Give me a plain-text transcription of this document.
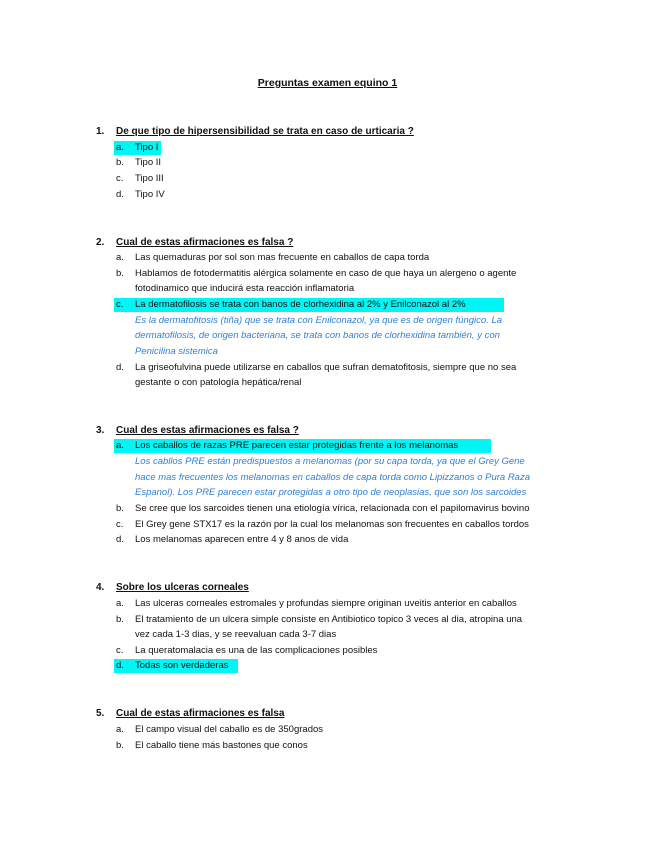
Preguntas examen equino 1
1. De que tipo de hipersensibilidad se trata en caso de urticaria ?
a. Tipo I
b. Tipo II
c. Tipo III
d. Tipo IV
2. Cual de estas afirmaciones es falsa ?
a. Las quemaduras por sol son mas frecuente en caballos de capa torda
b. Hablamos de fotodermatitis alérgica solamente en caso de que haya un alergeno o agente
fotodinamico que inducirá esta reacción inflamatoria
c. La dermatofilosis se trata con banos de clorhexidina al 2% y Enilconazol al 2%
Es la dermatofitosis (tiña) que se trata con Enilconazol, ya que es de origen fúngico. La
dermatofilosis, de origen bacteriana, se trata con banos de clorhexidina también, y con
Penicilina sistemica
d. La griseofulvina puede utilizarse en caballos que sufran dematofitosis, siempre que no sea
gestante o con patología hepática/renal
3. Cual des estas afirmaciones es falsa ?
a. Los caballos de razas PRE parecen estar protegidas frente a los melanomas
Los cabllos PRE están predispuestos a melanomas (por su capa torda, ya que el Grey Gene
hace mas frecuentes los melanomas en caballos de capa torda como Lipizzanos o Pura Raza
Espanol). Los PRE parecen estar protegidas a otro tipo de neoplasias, que son los sarcoides
b. Se cree que los sarcoides tienen una etiología vírica, relacionada con el papilomavirus bovino
c. El Grey gene STX17 es la razón por la cual los melanomas son frecuentes en caballos tordos
d. Los melanomas aparecen entre 4 y 8 anos de vida
4. Sobre los ulceras corneales
a. Las ulceras corneales estromales y profundas siempre originan uveitis anterior en caballos
b. El tratamiento de un ulcera simple consiste en Antibiotico topico 3 veces al dia, atropina una
vez cada 1-3 dias, y se reevaluan cada 3-7 dias
c. La queratomalacia es una de las complicaciones posibles
d. Todas son verdaderas
5. Cual de estas afirmaciones es falsa
a. El campo visual del caballo es de 350grados
b. El caballo tiene más bastones que conos
